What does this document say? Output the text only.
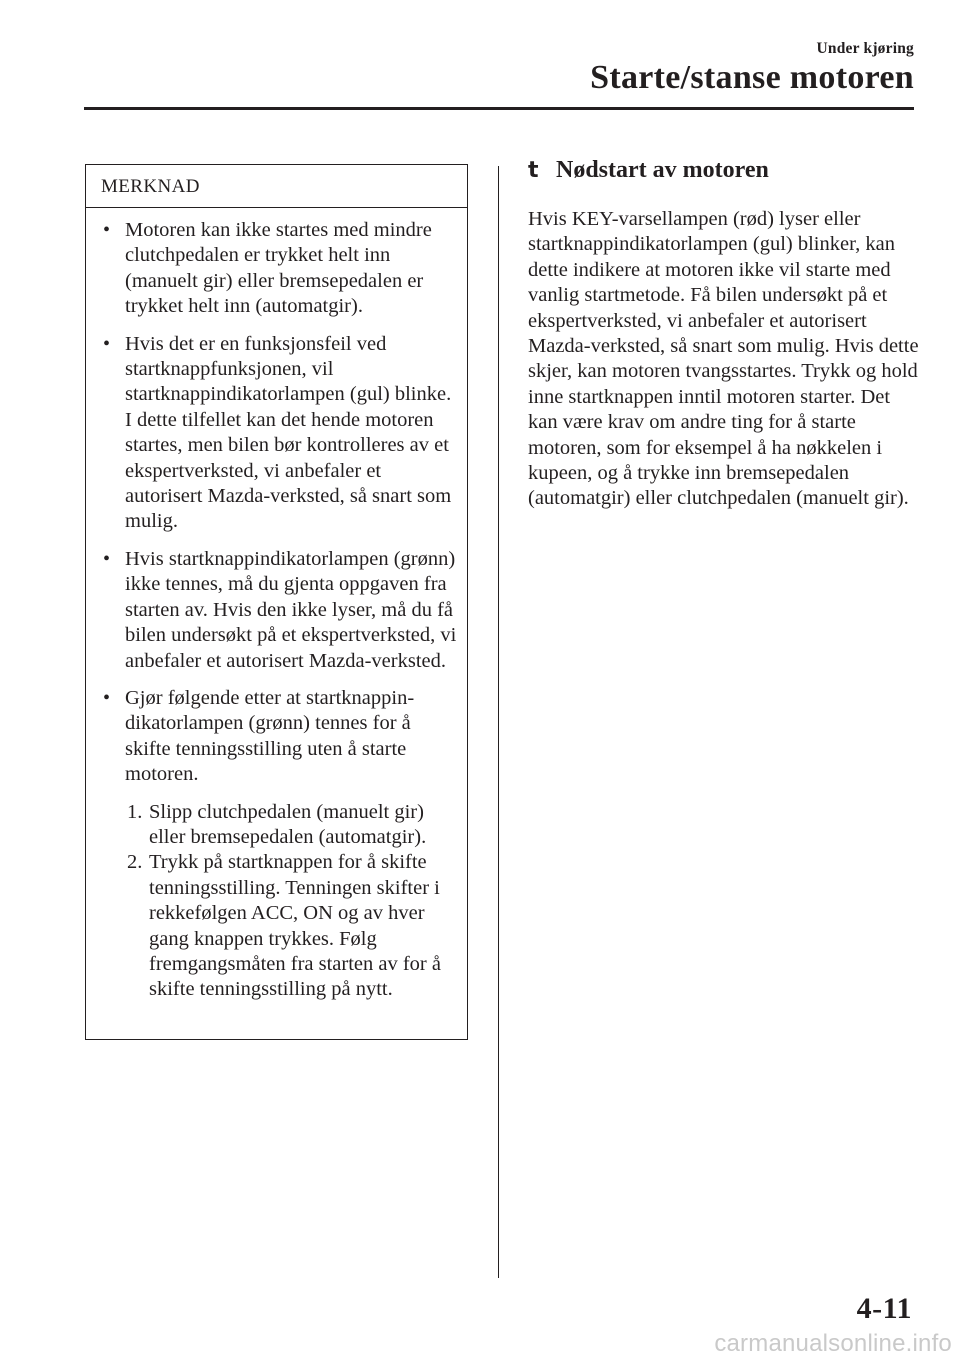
Under kjøring
Starte/stanse motoren
MERKNAD
• Motoren kan ikke startes med mindre clutchpedalen er trykket helt inn (manuelt gir) eller bremsepedalen er trykket helt inn (automatgir).
• Hvis det er en funksjonsfeil ved startknappfunksjonen, vil startknappindikatorlampen (gul) blinke. I dette tilfellet kan det hende motoren startes, men bilen bør kontrolleres av et ekspertverksted, vi anbefaler et autorisert Mazda-verksted, så snart som mulig.
• Hvis startknappindikatorlampen (grønn) ikke tennes, må du gjenta oppgaven fra starten av. Hvis den ikke lyser, må du få bilen undersøkt på et ekspertverksted, vi anbefaler et autorisert Mazda-verksted.
• Gjør følgende etter at startknappin-dikatorlampen (grønn) tennes for å skifte tenningsstilling uten å starte motoren.
1. Slipp clutchpedalen (manuelt gir) eller bremsepedalen (automatgir).
2. Trykk på startknappen for å skifte tenningsstilling. Tenningen skifter i rekkefølgen ACC, ON og av hver gang knappen trykkes. Følg fremgangsmåten fra starten av for å skifte tenningsstilling på nytt.
t Nødstart av motoren

Hvis KEY-varsellampen (rød) lyser eller startknappindikatorlampen (gul) blinker, kan dette indikere at motoren ikke vil starte med vanlig startmetode. Få bilen undersøkt på et ekspertverksted, vi anbefaler et autorisert Mazda-verksted, så snart som mulig. Hvis dette skjer, kan motoren tvangsstartes. Trykk og hold inne startknappen inntil motoren starter. Det kan være krav om andre ting for å starte motoren, som for eksempel å ha nøkkelen i kupeen, og å trykke inn bremsepedalen (automatgir) eller clutchpedalen (manuelt gir).

4-11
carmanualsonline.info
